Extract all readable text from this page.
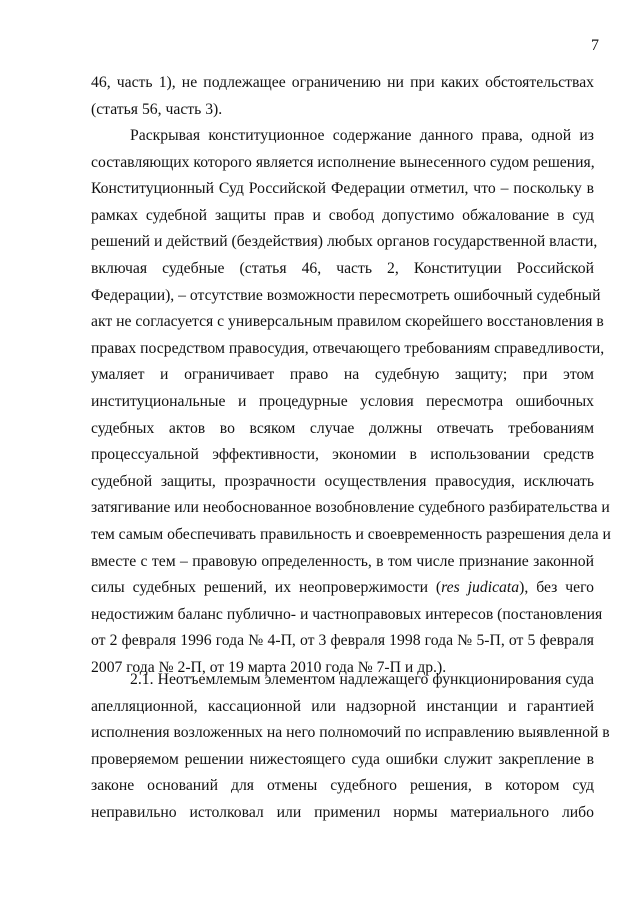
7
46, часть 1), не подлежащее ограничению ни при каких обстоятельствах
(статья 56, часть 3).
Раскрывая конституционное содержание данного права, одной из
составляющих которого является исполнение вынесенного судом решения,
Конституционный Суд Российской Федерации отметил, что – поскольку в
рамках судебной защиты прав и свобод допустимо обжалование в суд
решений и действий (бездействия) любых органов государственной власти,
включая судебные (статья 46, часть 2, Конституции Российской
Федерации), – отсутствие возможности пересмотреть ошибочный судебный
акт не согласуется с универсальным правилом скорейшего восстановления в
правах посредством правосудия, отвечающего требованиям справедливости,
умаляет и ограничивает право на судебную защиту; при этом
институциональные и процедурные условия пересмотра ошибочных
судебных актов во всяком случае должны отвечать требованиям
процессуальной эффективности, экономии в использовании средств
судебной защиты, прозрачности осуществления правосудия, исключать
затягивание или необоснованное возобновление судебного разбирательства и
тем самым обеспечивать правильность и своевременность разрешения дела и
вместе с тем – правовую определенность, в том числе признание законной
силы судебных решений, их неопровержимости (res judicata), без чего
недостижим баланс публично- и частноправовых интересов (постановления
от 2 февраля 1996 года № 4-П, от 3 февраля 1998 года № 5-П, от 5 февраля
2007 года № 2-П, от 19 марта 2010 года № 7-П и др.).
2.1. Неотъемлемым элементом надлежащего функционирования суда
апелляционной, кассационной или надзорной инстанции и гарантией
исполнения возложенных на него полномочий по исправлению выявленной в
проверяемом решении нижестоящего суда ошибки служит закрепление в
законе оснований для отмены судебного решения, в котором суд
неправильно истолковал или применил нормы материального либо
